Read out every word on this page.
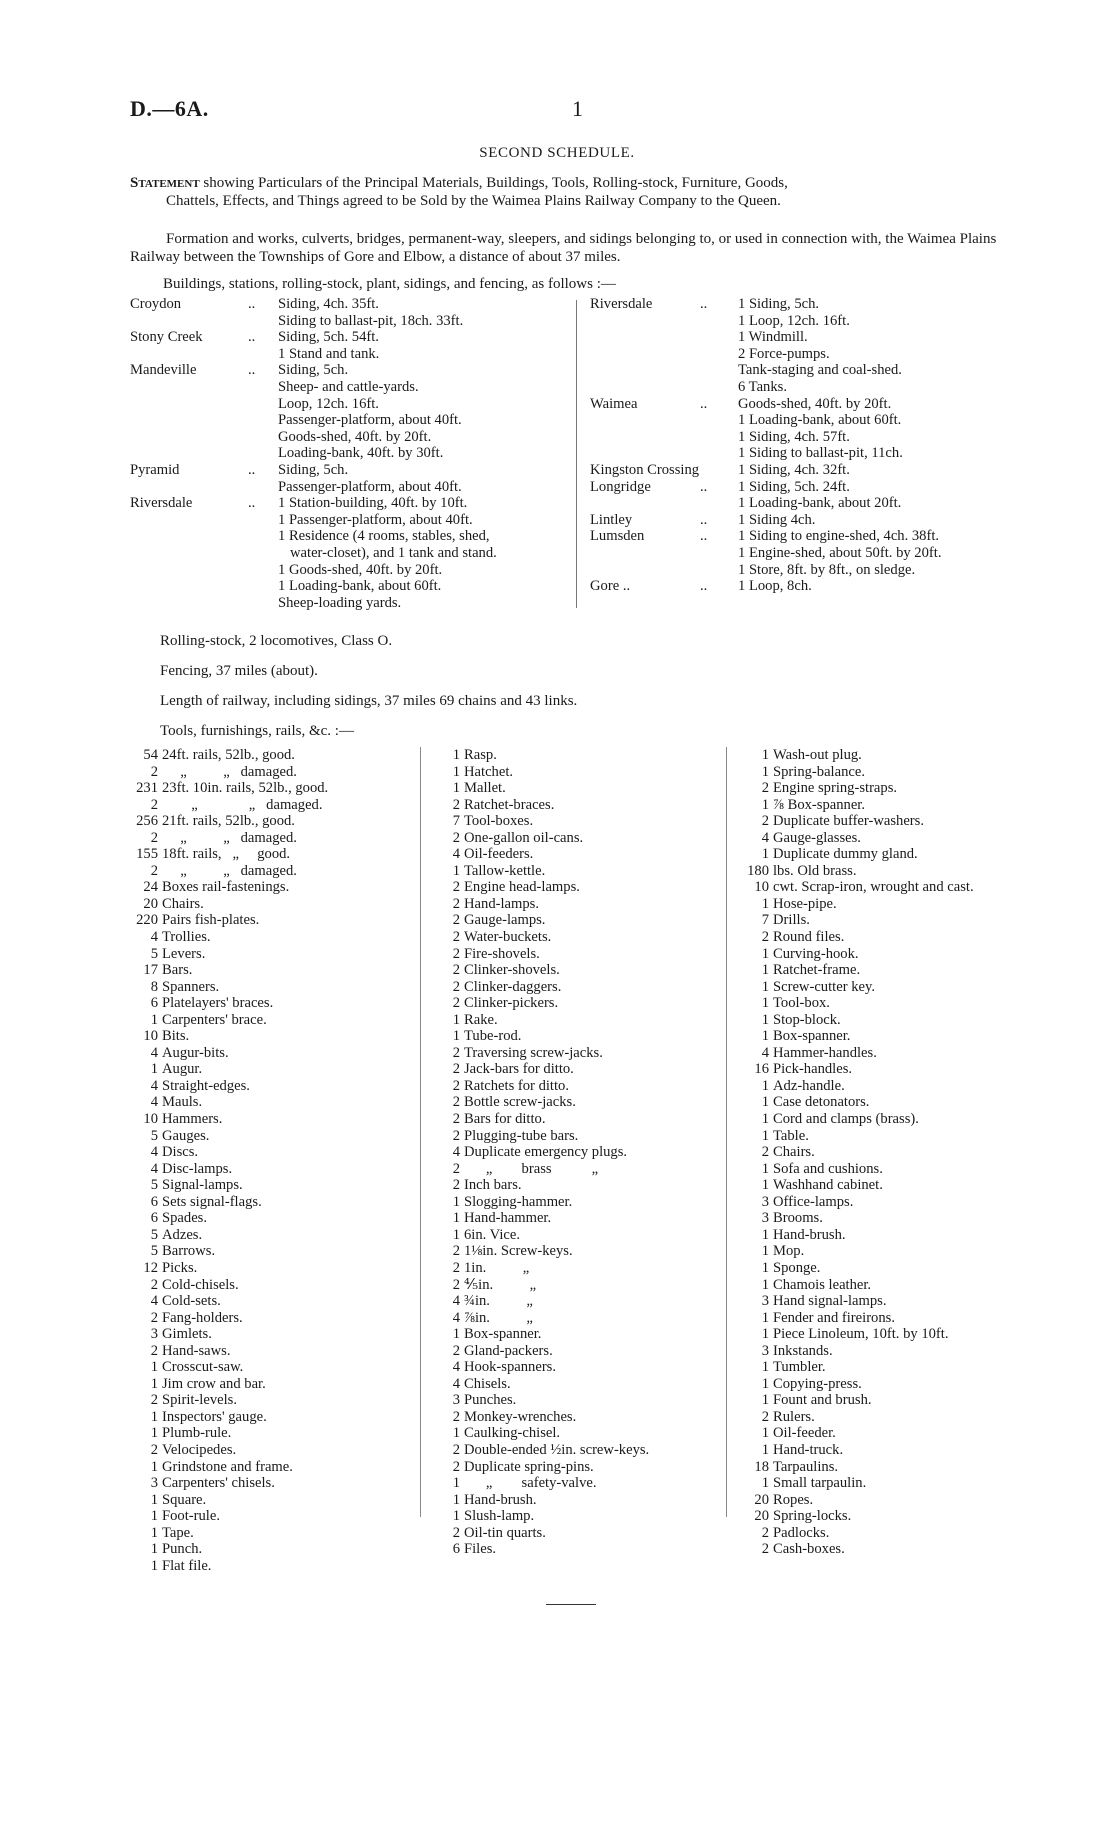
D.—6A.	1
SECOND SCHEDULE.
Statement showing Particulars of the Principal Materials, Buildings, Tools, Rolling-stock, Furniture, Goods,
Chattels, Effects, and Things agreed to be Sold by the Waimea Plains Railway Company to the Queen.
Formation and works, culverts, bridges, permanent-way, sleepers, and sidings belonging to, or used in connection with, the Waimea Plains Railway between the Townships of Gore and Elbow, a distance of about 37 miles.
Buildings, stations, rolling-stock, plant, sidings, and fencing, as follows :—
Croydon	.. Siding, 4ch. 35ft.
Siding to ballast-pit, 18ch. 33ft.
Stony Creek	.. Siding, 5ch. 54ft.
1 Stand and tank.
Mandeville	.. Siding, 5ch.
Sheep- and cattle-yards.
Loop, 12ch. 16ft.
Passenger-platform, about 40ft.
Goods-shed, 40ft. by 20ft.
Loading-bank, 40ft. by 30ft.
Pyramid	.. Siding, 5ch.
Passenger-platform, about 40ft.
Riversdale	.. 1 Station-building, 40ft. by 10ft.
1 Passenger-platform, about 40ft.
1 Residence (4 rooms, stables, shed,
water-closet), and 1 tank and stand.
1 Goods-shed, 40ft. by 20ft.
1 Loading-bank, about 60ft.
Sheep-loading yards.
Riversdale	.. 1 Siding, 5ch.
1 Loop, 12ch. 16ft.
1 Windmill.
2 Force-pumps.
Tank-staging and coal-shed.
6 Tanks.
Waimea	.. Goods-shed, 40ft. by 20ft.
1 Loading-bank, about 60ft.
1 Siding, 4ch. 57ft.
1 Siding to ballast-pit, 11ch.
Kingston Crossing	1 Siding, 4ch. 32ft.
Longridge	.. 1 Siding, 5ch. 24ft.
1 Loading-bank, about 20ft.
Lintley	.. 1 Siding 4ch.
Lumsden	.. 1 Siding to engine-shed, 4ch. 38ft.
1 Engine-shed, about 50ft. by 20ft.
1 Store, 8ft. by 8ft., on sledge.
Gore ..	.. 1 Loop, 8ch.
Rolling-stock, 2 locomotives, Class O.
Fencing, 37 miles (about).
Length of railway, including sidings, 37 miles 69 chains and 43 links.
Tools, furnishings, rails, &c. :—
54 24ft. rails, 52lb., good.
2 „          „   damaged.
231 23ft. 10in. rails, 52lb., good.
2 „              „   damaged.
256 21ft. rails, 52lb., good.
2 „          „   damaged.
155 18ft. rails,   „     good.
2 „          „   damaged.
24 Boxes rail-fastenings.
20 Chairs.
220 Pairs fish-plates.
4 Trollies.
5 Levers.
17 Bars.
8 Spanners.
6 Platelayers' braces.
1 Carpenters' brace.
10 Bits.
4 Augur-bits.
1 Augur.
4 Straight-edges.
4 Mauls.
10 Hammers.
5 Gauges.
4 Discs.
4 Disc-lamps.
5 Signal-lamps.
6 Sets signal-flags.
6 Spades.
5 Adzes.
5 Barrows.
12 Picks.
2 Cold-chisels.
4 Cold-sets.
2 Fang-holders.
3 Gimlets.
2 Hand-saws.
1 Crosscut-saw.
1 Jim crow and bar.
2 Spirit-levels.
1 Inspectors' gauge.
1 Plumb-rule.
2 Velocipedes.
1 Grindstone and frame.
3 Carpenters' chisels.
1 Square.
1 Foot-rule.
1 Tape.
1 Punch.
1 Flat file.
1 Rasp.
1 Hatchet.
1 Mallet.
2 Ratchet-braces.
7 Tool-boxes.
2 One-gallon oil-cans.
4 Oil-feeders.
1 Tallow-kettle.
2 Engine head-lamps.
2 Hand-lamps.
2 Gauge-lamps.
2 Water-buckets.
2 Fire-shovels.
2 Clinker-shovels.
2 Clinker-daggers.
2 Clinker-pickers.
1 Rake.
1 Tube-rod.
2 Traversing screw-jacks.
2 Jack-bars for ditto.
2 Ratchets for ditto.
2 Bottle screw-jacks.
2 Bars for ditto.
2 Plugging-tube bars.
4 Duplicate emergency plugs.
2 „        brass           „
2 Inch bars.
1 Slogging-hammer.
1 Hand-hammer.
1 6in. Vice.
2 1⅛in. Screw-keys.
2 1in.          „
2 ⅘in.          „
4 ¾in.          „
4 ⅞in.          „
1 Box-spanner.
2 Gland-packers.
4 Hook-spanners.
4 Chisels.
3 Punches.
2 Monkey-wrenches.
1 Caulking-chisel.
2 Double-ended ½in. screw-keys.
2 Duplicate spring-pins.
1 „        safety-valve.
1 Hand-brush.
1 Slush-lamp.
2 Oil-tin quarts.
6 Files.
1 Wash-out plug.
1 Spring-balance.
2 Engine spring-straps.
1 ⅞ Box-spanner.
2 Duplicate buffer-washers.
4 Gauge-glasses.
1 Duplicate dummy gland.
180 lbs. Old brass.
10 cwt. Scrap-iron, wrought and cast.
1 Hose-pipe.
7 Drills.
2 Round files.
1 Curving-hook.
1 Ratchet-frame.
1 Screw-cutter key.
1 Tool-box.
1 Stop-block.
1 Box-spanner.
4 Hammer-handles.
16 Pick-handles.
1 Adz-handle.
1 Case detonators.
1 Cord and clamps (brass).
1 Table.
2 Chairs.
1 Sofa and cushions.
1 Washhand cabinet.
3 Office-lamps.
3 Brooms.
1 Hand-brush.
1 Mop.
1 Sponge.
1 Chamois leather.
3 Hand signal-lamps.
1 Fender and fireirons.
1 Piece Linoleum, 10ft. by 10ft.
3 Inkstands.
1 Tumbler.
1 Copying-press.
1 Fount and brush.
2 Rulers.
1 Oil-feeder.
1 Hand-truck.
18 Tarpaulins.
1 Small tarpaulin.
20 Ropes.
20 Spring-locks.
2 Padlocks.
2 Cash-boxes.
